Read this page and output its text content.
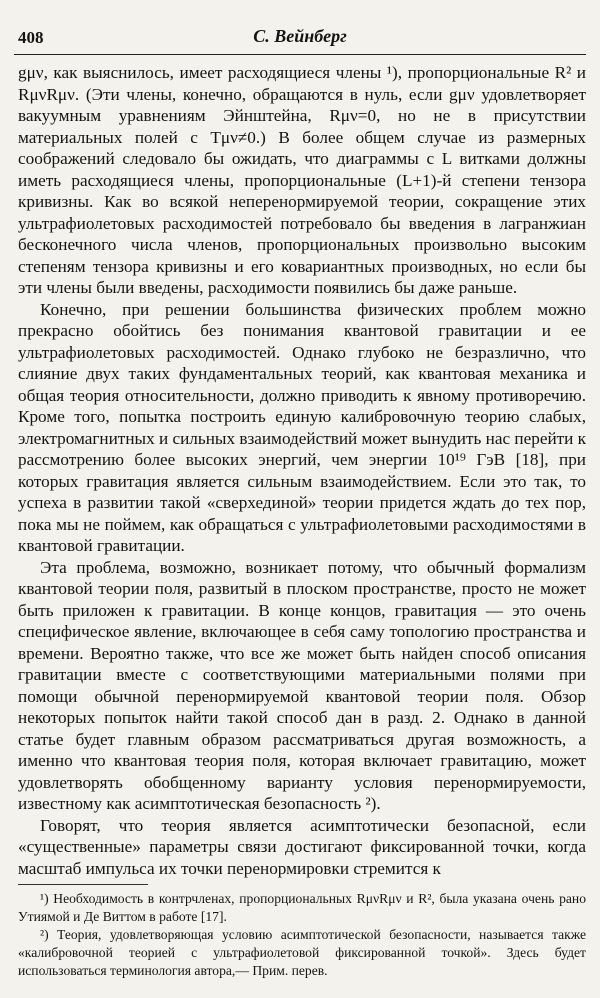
408	С. Вейнберг

gμν, как выяснилось, имеет расходящиеся члены ¹), пропорциональные R² и RμνRμν. (Эти члены, конечно, обращаются в нуль, если gμν удовлетворяет вакуумным уравнениям Эйнштейна, Rμν=0, но не в присутствии материальных полей с Tμν≠0.) В более общем случае из размерных соображений следовало бы ожидать, что диаграммы с L витками должны иметь расходящиеся члены, пропорциональные (L+1)-й степени тензора кривизны. Как во всякой неперенормируемой теории, сокращение этих ультрафиолетовых расходимостей потребовало бы введения в лагранжиан бесконечного числа членов, пропорциональных произвольно высоким степеням тензора кривизны и его ковариантных производных, но если бы эти члены были введены, расходимости появились бы даже раньше.

Конечно, при решении большинства физических проблем можно прекрасно обойтись без понимания квантовой гравитации и ее ультрафиолетовых расходимостей. Однако глубоко не безразлично, что слияние двух таких фундаментальных теорий, как квантовая механика и общая теория относительности, должно приводить к явному противоречию. Кроме того, попытка построить единую калибровочную теорию слабых, электромагнитных и сильных взаимодействий может вынудить нас перейти к рассмотрению более высоких энергий, чем энергии 10¹⁹ ГэВ [18], при которых гравитация является сильным взаимодействием. Если это так, то успеха в развитии такой «сверхединой» теории придется ждать до тех пор, пока мы не поймем, как обращаться с ультрафиолетовыми расходимостями в квантовой гравитации.

Эта проблема, возможно, возникает потому, что обычный формализм квантовой теории поля, развитый в плоском пространстве, просто не может быть приложен к гравитации. В конце концов, гравитация — это очень специфическое явление, включающее в себя саму топологию пространства и времени. Вероятно также, что все же может быть найден способ описания гравитации вместе с соответствующими материальными полями при помощи обычной перенормируемой квантовой теории поля. Обзор некоторых попыток найти такой способ дан в разд. 2. Однако в данной статье будет главным образом рассматриваться другая возможность, а именно что квантовая теория поля, которая включает гравитацию, может удовлетворять обобщенному варианту условия перенормируемости, известному как асимптотическая безопасность ²).

Говорят, что теория является асимптотически безопасной, если «существенные» параметры связи достигают фиксированной точки, когда масштаб импульса их точки перенормировки стремится к

¹) Необходимость в контрчленах, пропорциональных RμνRμν и R², была указана очень рано Утиямой и Де Виттом в работе [17].

²) Теория, удовлетворяющая условию асимптотической безопасности, называется также «калибровочной теорией с ультрафиолетовой фиксированной точкой». Здесь будет использоваться терминология автора,— Прим. перев.
